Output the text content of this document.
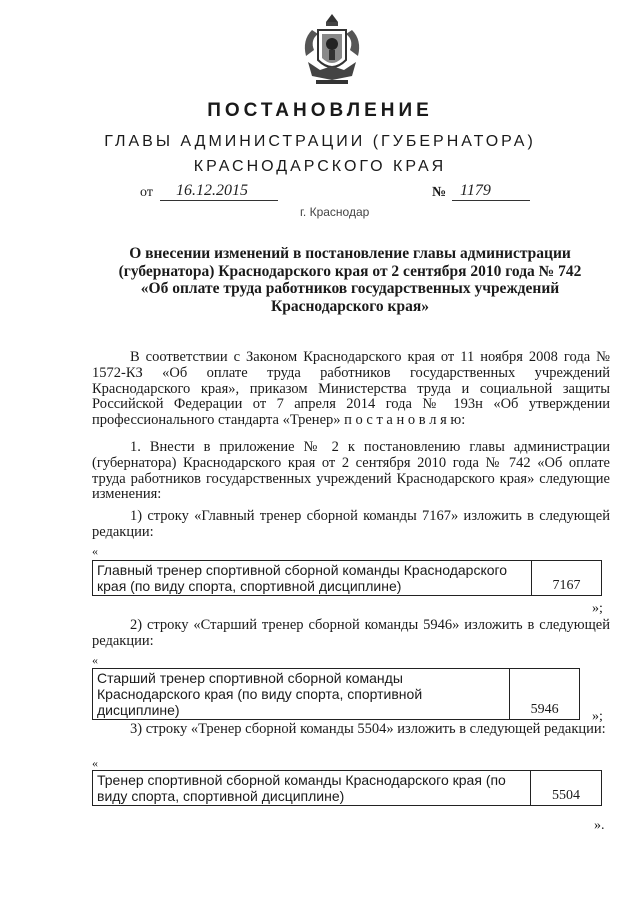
ПОСТАНОВЛЕНИЕ
ГЛАВЫ АДМИНИСТРАЦИИ (ГУБЕРНАТОРА)
КРАСНОДАРСКОГО КРАЯ
от 16.12.2015	№ 1179
г. Краснодар
О внесении изменений в постановление главы администрации
(губернатора) Краснодарского края от 2 сентября 2010 года № 742
«Об оплате труда работников государственных учреждений
Краснодарского края»
В соответствии с Законом Краснодарского края от 11 ноября 2008 года № 1572-КЗ «Об оплате труда работников государственных учреждений Краснодарского края», приказом Министерства труда и социальной защиты Российской Федерации от 7 апреля 2014 года № 193н «Об утверждении профессионального стандарта «Тренер» п о с т а н о в л я ю:
1. Внести в приложение № 2 к постановлению главы администрации (губернатора) Краснодарского края от 2 сентября 2010 года № 742 «Об оплате труда работников государственных учреждений Краснодарского края» следующие изменения:
1) строку «Главный тренер сборной команды 7167» изложить в следующей редакции:
«
Главный тренер спортивной сборной команды Краснодарского края (по виду спорта, спортивной дисциплине)	7167
»;
2) строку «Старший тренер сборной команды 5946» изложить в следующей редакции:
«
Старший тренер спортивной сборной команды Краснодарского края (по виду спорта, спортивной дисциплине)	5946 »;
3) строку «Тренер сборной команды 5504» изложить в следующей редакции:
«
Тренер спортивной сборной команды Краснодарского края (по виду спорта, спортивной дисциплине)	5504
».
